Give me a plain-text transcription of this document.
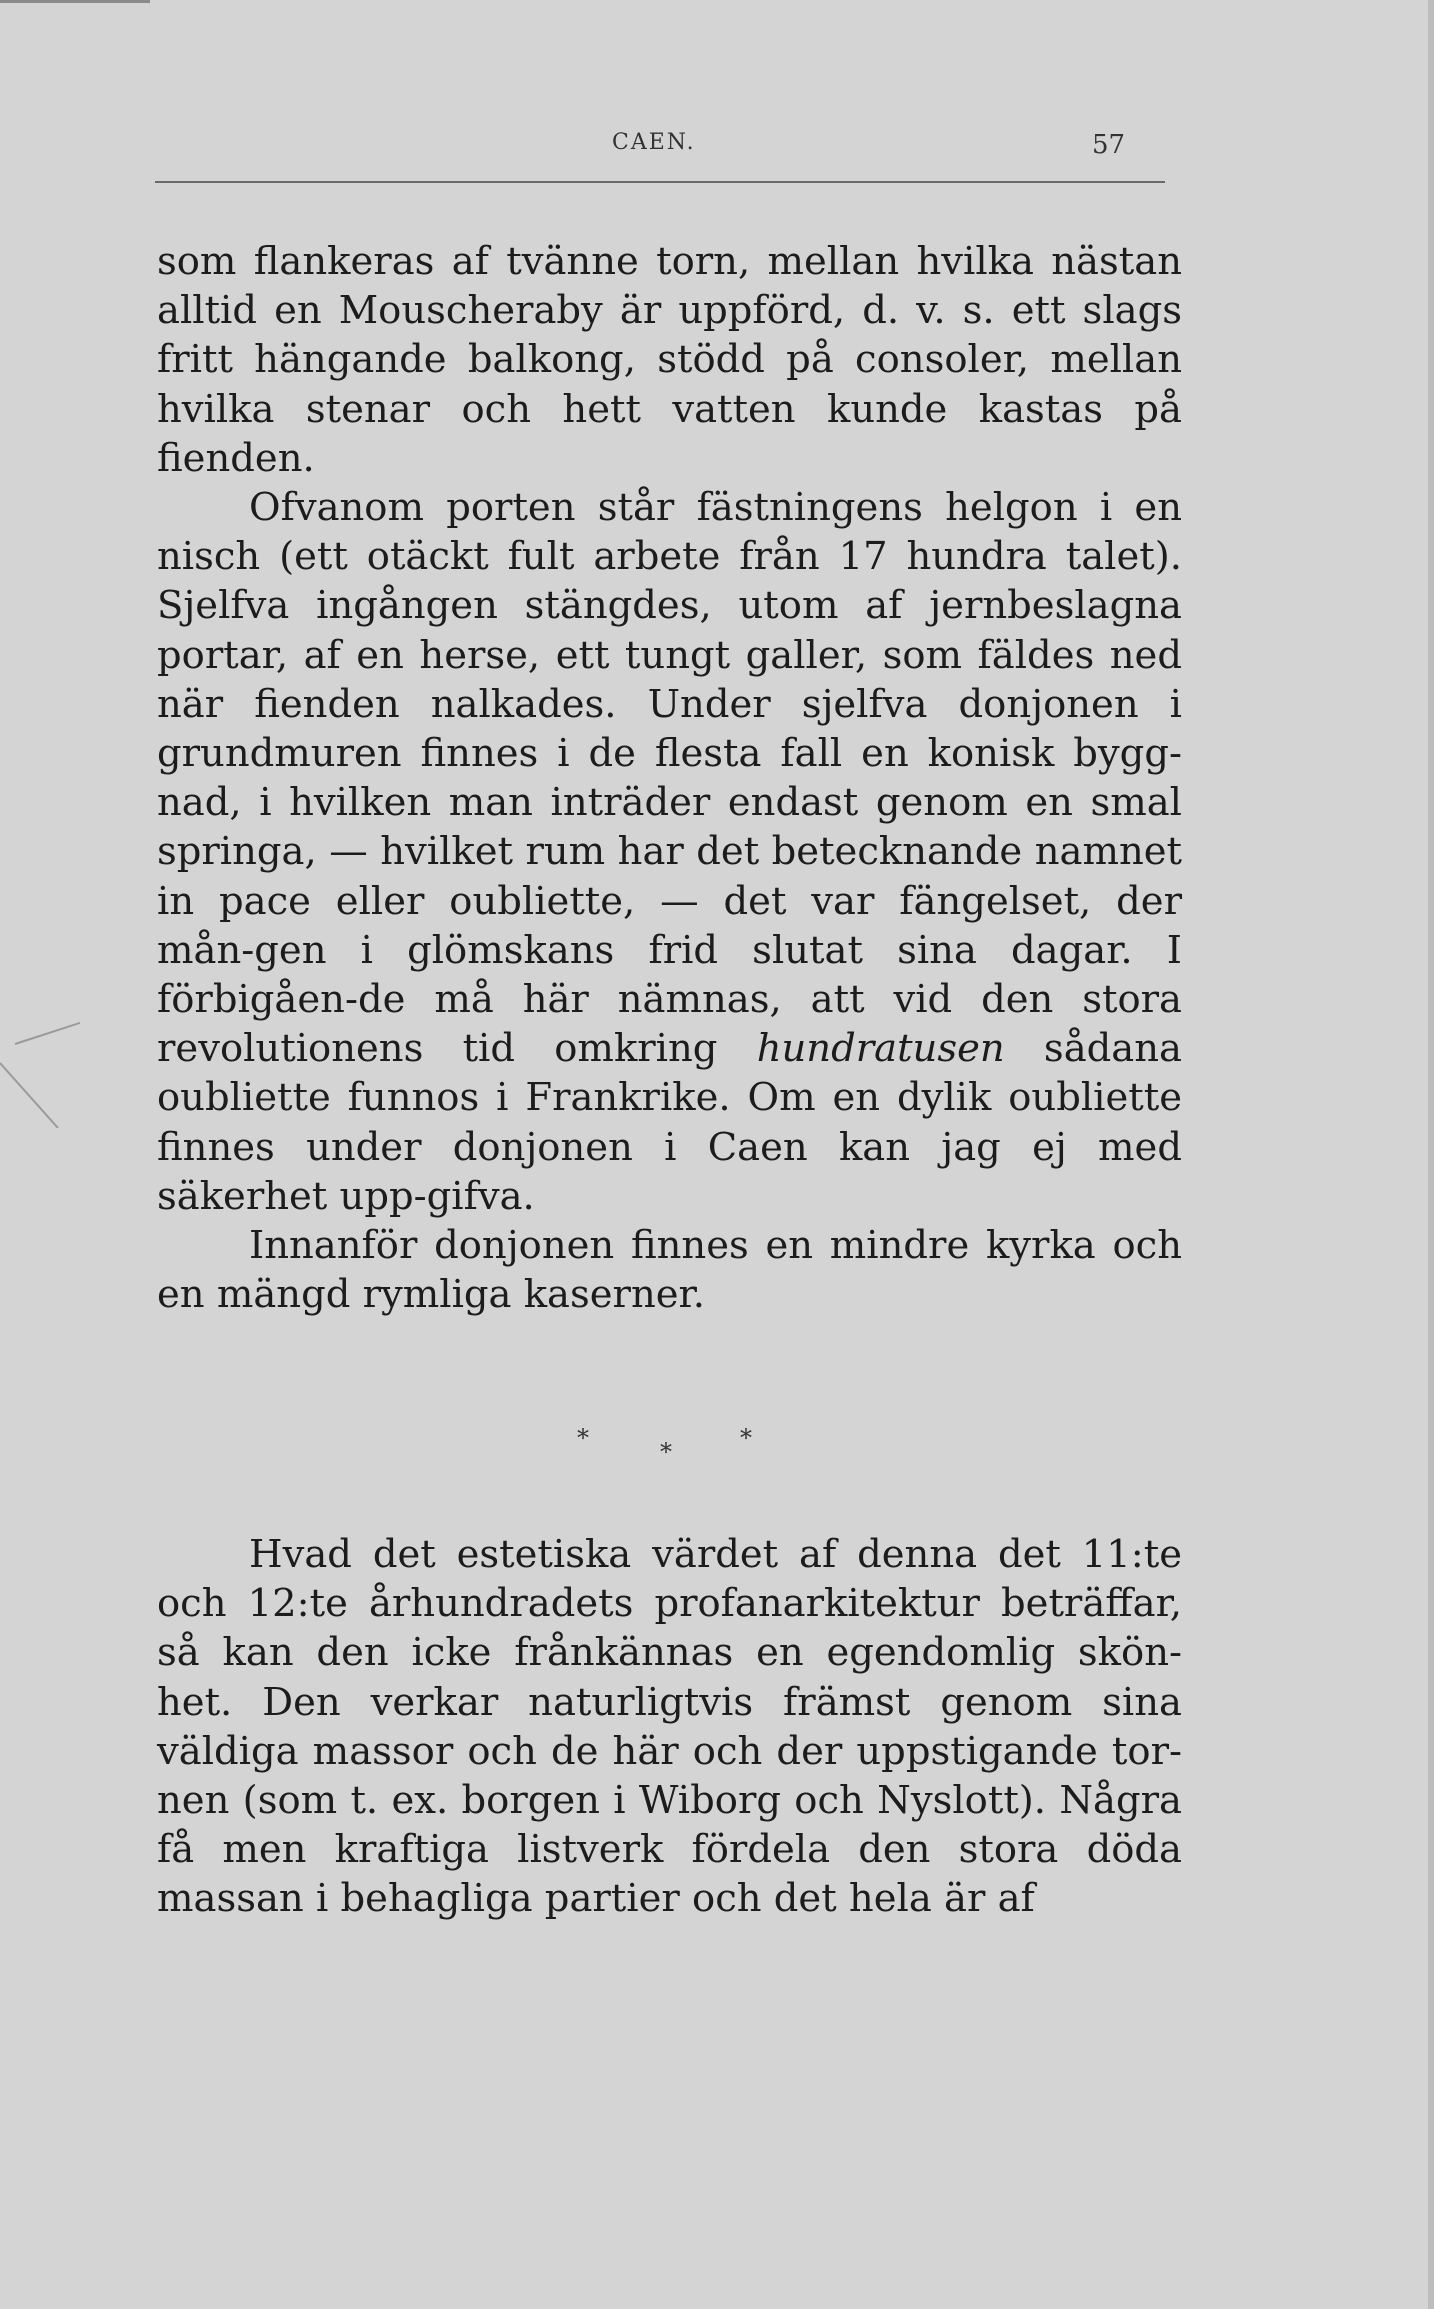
CAEN.	57

som flankeras af tvänne torn, mellan hvilka nästan alltid en Mouscheraby är uppförd, d. v. s. ett slags fritt hängande balkong, stödd på consoler, mellan hvilka stenar och hett vatten kunde kastas på fienden.

Ofvanom porten står fästningens helgon i en nisch (ett otäckt fult arbete från 17 hundra talet). Sjelfva ingången stängdes, utom af jernbeslagna portar, af en herse, ett tungt galler, som fäldes ned när fienden nalkades. Under sjelfva donjonen i grundmuren finnes i de flesta fall en konisk bygg-nad, i hvilken man inträder endast genom en smal springa, — hvilket rum har det betecknande namnet in pace eller oubliette, — det var fängelset, der mån-gen i glömskans frid slutat sina dagar. I förbigåen-de må här nämnas, att vid den stora revolutionens tid omkring hundratusen sådana oubliette funnos i Frankrike. Om en dylik oubliette finnes under donjonen i Caen kan jag ej med säkerhet upp-gifva.

Innanför donjonen finnes en mindre kyrka och en mängd rymliga kaserner.

*	*	*

Hvad det estetiska värdet af denna det 11:te och 12:te århundradets profanarkitektur beträffar, så kan den icke frånkännas en egendomlig skön-het. Den verkar naturligtvis främst genom sina väldiga massor och de här och der uppstigande tor-nen (som t. ex. borgen i Wiborg och Nyslott). Några få men kraftiga listverk fördela den stora döda massan i behagliga partier och det hela är af
